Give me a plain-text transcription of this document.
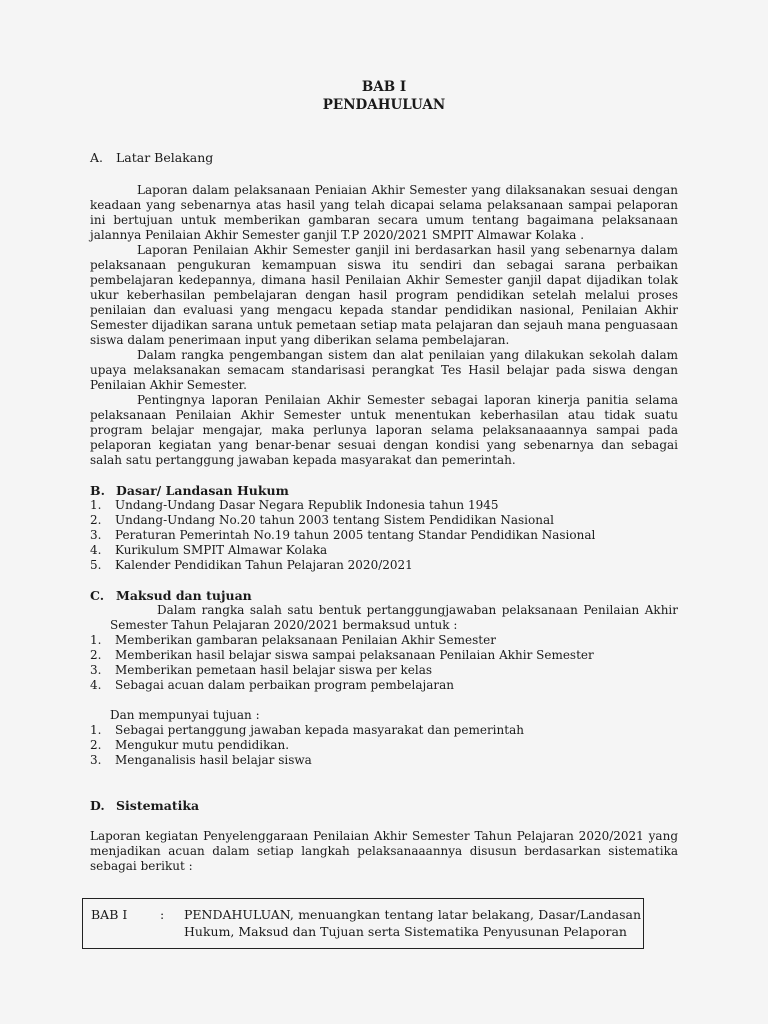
BAB I
PENDAHULUAN
A. Latar Belakang

Laporan dalam pelaksanaan Peniaian Akhir Semester yang dilaksanakan sesuai dengan keadaan yang sebenarnya atas hasil yang telah dicapai selama pelaksanaan sampai pelaporan ini bertujuan untuk memberikan gambaran secara umum tentang bagaimana pelaksanaan jalannya Penilaian Akhir Semester ganjil T.P 2020/2021 SMPIT Almawar Kolaka .

Laporan Penilaian Akhir Semester ganjil ini berdasarkan hasil yang sebenarnya dalam pelaksanaan pengukuran kemampuan siswa itu sendiri dan sebagai sarana perbaikan pembelajaran kedepannya, dimana hasil Penilaian Akhir Semester ganjil dapat dijadikan tolak ukur keberhasilan pembelajaran dengan hasil program pendidikan setelah melalui proses penilaian dan evaluasi yang mengacu kepada standar pendidikan nasional, Penilaian Akhir Semester dijadikan sarana untuk pemetaan setiap mata pelajaran dan sejauh mana penguasaan siswa dalam penerimaan input yang diberikan selama pembelajaran.

Dalam rangka pengembangan sistem dan alat penilaian yang dilakukan sekolah dalam upaya melaksanakan semacam standarisasi perangkat Tes Hasil belajar pada siswa dengan Penilaian Akhir Semester.

Pentingnya laporan Penilaian Akhir Semester sebagai laporan kinerja panitia selama pelaksanaan Penilaian Akhir Semester untuk menentukan keberhasilan atau tidak suatu program belajar mengajar, maka perlunya laporan selama pelaksanaaannya sampai pada pelaporan kegiatan yang benar-benar sesuai dengan kondisi yang sebenarnya dan sebagai salah satu pertanggung jawaban kepada masyarakat dan pemerintah.

B. Dasar/ Landasan Hukum
1. Undang-Undang Dasar Negara Republik Indonesia tahun 1945
2. Undang-Undang No.20 tahun 2003 tentang Sistem Pendidikan Nasional
3. Peraturan Pemerintah No.19 tahun 2005 tentang Standar Pendidikan Nasional
4. Kurikulum SMPIT Almawar Kolaka
5. Kalender Pendidikan Tahun Pelajaran 2020/2021
C. Maksud dan tujuan

Dalam rangka salah satu bentuk pertanggungjawaban pelaksanaan Penilaian Akhir Semester Tahun Pelajaran 2020/2021 bermaksud untuk :

1. Memberikan gambaran pelaksanaan Penilaian Akhir Semester
2. Memberikan hasil belajar siswa sampai pelaksanaan Penilaian Akhir Semester
3. Memberikan pemetaan hasil belajar siswa per kelas
4. Sebagai acuan dalam perbaikan program pembelajaran
Dan mempunyai tujuan :
1. Sebagai pertanggung jawaban kepada masyarakat dan pemerintah
2. Mengukur mutu pendidikan.
3. Menganalisis hasil belajar siswa
D. Sistematika

Laporan kegiatan Penyelenggaraan Penilaian Akhir Semester Tahun Pelajaran 2020/2021 yang menjadikan acuan dalam setiap langkah pelaksanaaannya disusun berdasarkan sistematika sebagai berikut :

BAB I	: PENDAHULUAN, menuangkan tentang latar belakang, Dasar/Landasan Hukum, Maksud dan Tujuan serta Sistematika Penyusunan Pelaporan
